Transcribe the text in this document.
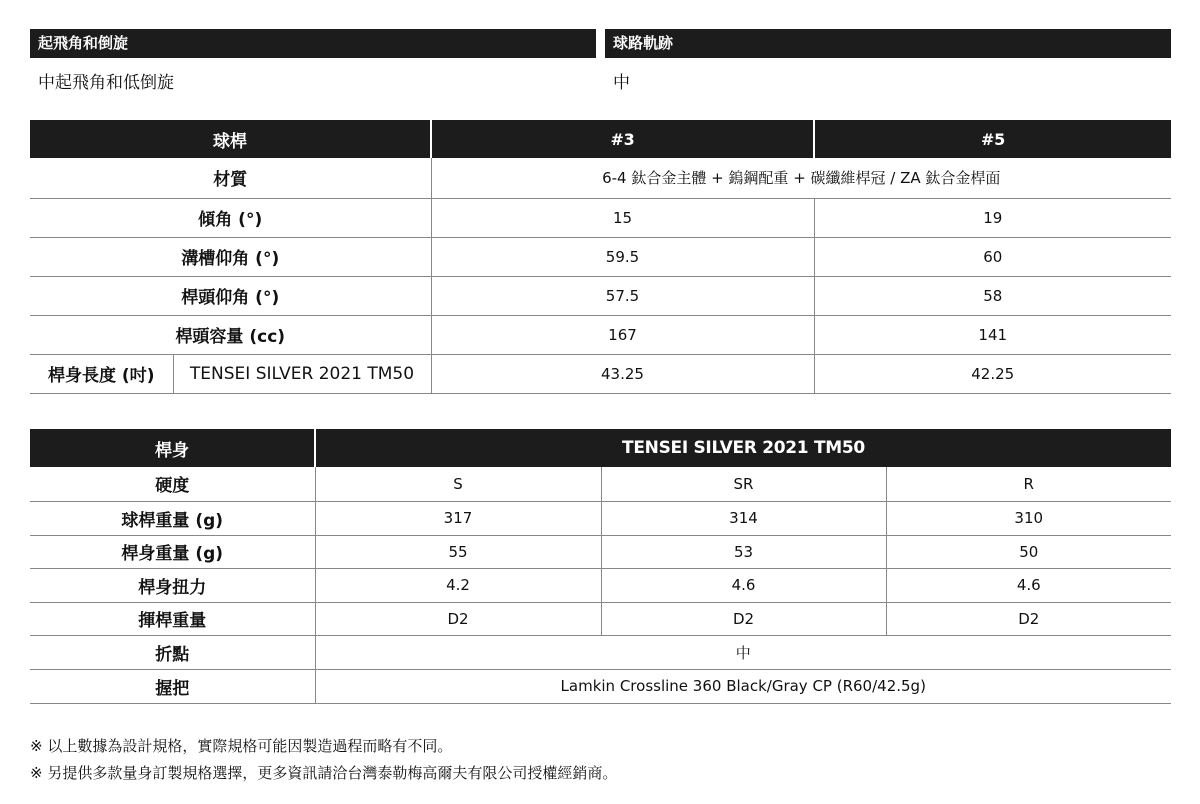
起飛角和倒旋
中起飛角和低倒旋
球路軌跡
中
球桿		#3	#5
材質		6-4 鈦合金主體 + 鎢鋼配重 + 碳纖維桿冠 / ZA 鈦合金桿面	
傾角 (°)		15	19
溝槽仰角 (°)		59.5	60
桿頭仰角 (°)		57.5	58
桿頭容量 (cc)		167	141
桿身長度 (吋)	TENSEI SILVER 2021 TM50	43.25	42.25
桿身	TENSEI SILVER 2021 TM50		
硬度	S	SR	R
球桿重量 (g)	317	314	310
桿身重量 (g)	55	53	50
桿身扭力	4.2	4.6	4.6
揮桿重量	D2	D2	D2
折點	中		
握把	Lamkin Crossline 360 Black/Gray CP (R60/42.5g)		
※ 以上數據為設計規格，實際規格可能因製造過程而略有不同。
※ 另提供多款量身訂製規格選擇，更多資訊請洽台灣泰勒梅高爾夫有限公司授權經銷商。
